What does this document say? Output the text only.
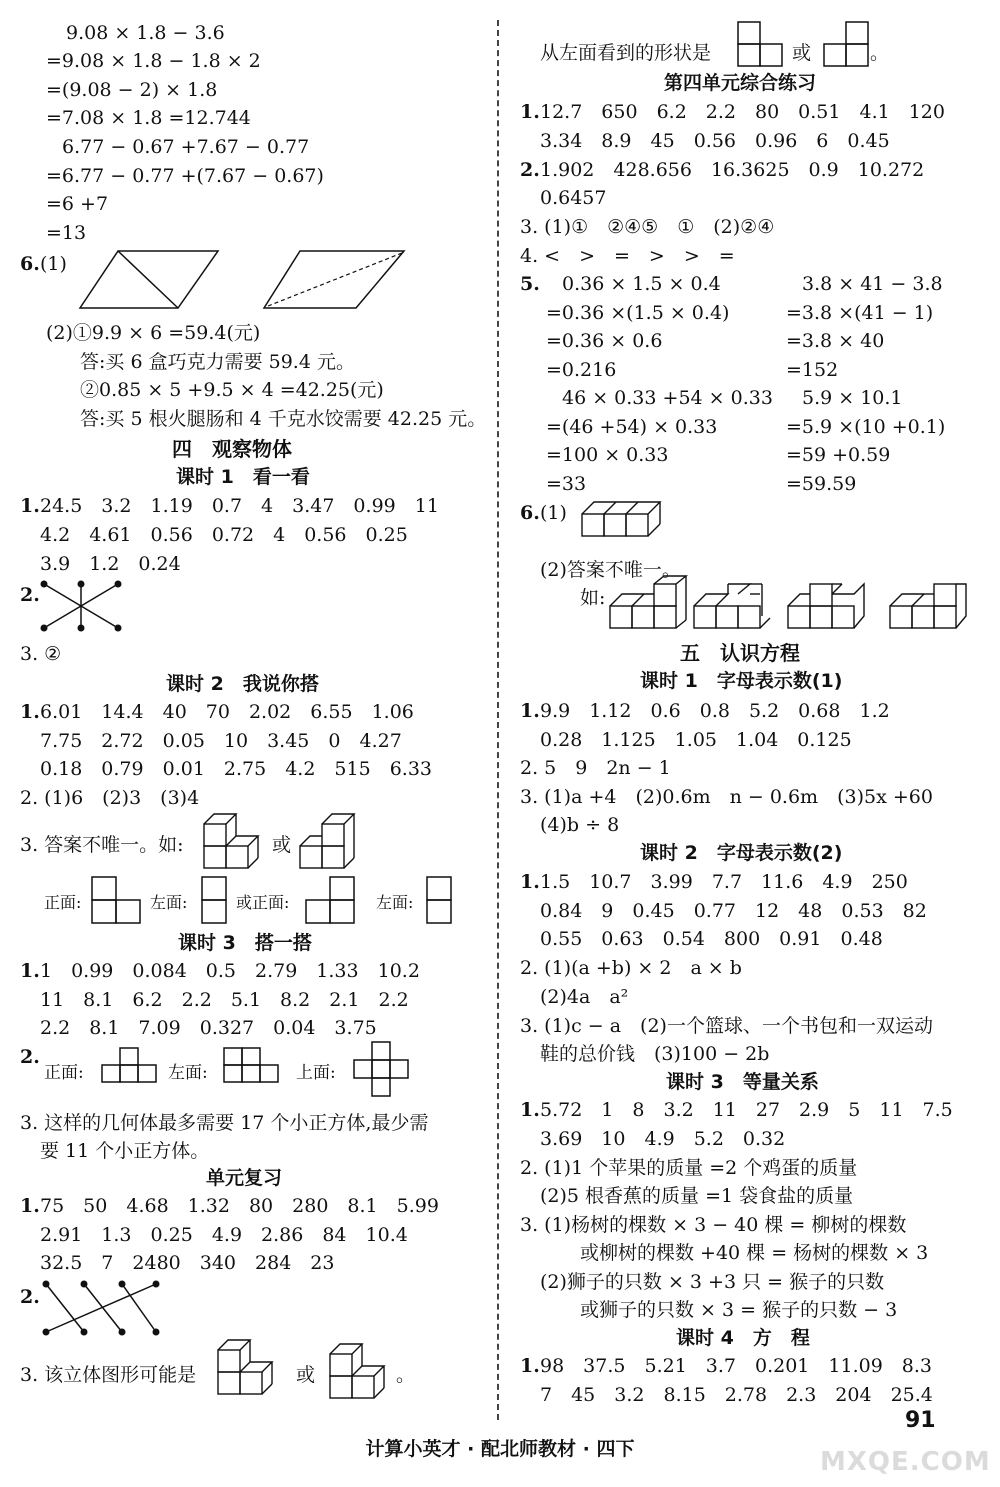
9.08 × 1.8 − 3.6
=9.08 × 1.8 − 1.8 × 2
=(9.08 − 2) × 1.8
=7.08 × 1.8 =12.744
6.77 − 0.67 +7.67 − 0.77
=6.77 − 0.77 +(7.67 − 0.67)
=6 +7
=13
6. (1)
(2)①9.9 × 6 =59.4(元)
答:买 6 盒巧克力需要 59.4 元。
②0.85 × 5 +9.5 × 4 =42.25(元)
答:买 5 根火腿肠和 4 千克水饺需要 42.25 元。
四　观察物体
课时 1　看一看
1. 24.5　3.2　1.19　0.7　4　3.47　0.99　11
4.2　4.61　0.56　0.72　4　0.56　0.25
3.9　1.2　0.24
2.
3. ②
课时 2　我说你搭
1. 6.01　14.4　40　70　2.02　6.55　1.06
7.75　2.72　0.05　10　3.45　0　4.27
0.18　0.79　0.01　2.75　4.2　515　6.33
2. (1)6　(2)3　(3)4
3. 答案不唯一。如:	或
正面:	左面:	或正面:	左面:
课时 3　搭一搭
1. 1　0.99　0.084　0.5　2.79　1.33　10.2
11　8.1　6.2　2.2　5.1　8.2　2.1　2.2
2.2　8.1　7.09　0.327　0.04　3.75
2.
正面:	左面:	上面:
3. 这样的几何体最多需要 17 个小正方体,最少需
要 11 个小正方体。
单元复习
1. 75　50　4.68　1.32　80　280　8.1　5.99
2.91　1.3　0.25　4.9　2.86　84　10.4
32.5　7　2480　340　284　23
2.
3. 该立体图形可能是	或	。
从左面看到的形状是	或	。
第四单元综合练习
1. 12.7　650　6.2　2.2　80　0.51　4.1　120
3.34　8.9　45　0.56　0.96　6　0.45
2. 1.902　428.656　16.3625　0.9　10.272
0.6457
3. (1)①　②④⑤　①　(2)②④
4. <　>　=　>　>　=
5. 0.36 × 1.5 × 0.4
=0.36 ×(1.5 × 0.4)
=0.36 × 0.6
=0.216
46 × 0.33 +54 × 0.33
=(46 +54) × 0.33
=100 × 0.33
=33
3.8 × 41 − 3.8
=3.8 ×(41 − 1)
=3.8 × 40
=152
5.9 × 10.1
=5.9 ×(10 +0.1)
=59 +0.59
=59.59
6. (1)
(2)答案不唯一。
如:
五　认识方程
课时 1　字母表示数(1)
1. 9.9　1.12　0.6　0.8　5.2　0.68　1.2
0.28　1.125　1.05　1.04　0.125
2. 5　9　2n − 1
3. (1)a +4　(2)0.6m　n − 0.6m　(3)5x +60
(4)b ÷ 8
课时 2　字母表示数(2)
1. 1.5　10.7　3.99　7.7　11.6　4.9　250
0.84　9　0.45　0.77　12　48　0.53　82
0.55　0.63　0.54　800　0.91　0.48
2. (1)(a +b) × 2　a × b
(2)4a　a²
3. (1)c − a　(2)一个篮球、一个书包和一双运动
鞋的总价钱　(3)100 − 2b
课时 3　等量关系
1. 5.72　1　8　3.2　11　27　2.9　5　11　7.5
3.69　10　4.9　5.2　0.32
2. (1)1 个苹果的质量 =2 个鸡蛋的质量
(2)5 根香蕉的质量 =1 袋食盐的质量
3. (1)杨树的棵数 × 3 − 40 棵 = 柳树的棵数
或柳树的棵数 +40 棵 = 杨树的棵数 × 3
(2)狮子的只数 × 3 +3 只 = 猴子的只数
或狮子的只数 × 3 = 猴子的只数 − 3
课时 4　方　程
1. 98　37.5　5.21　3.7　0.201　11.09　8.3
7　45　3.2　8.15　2.78　2.3　204　25.4
91
计算小英才 · 配北师教材 · 四下	MXQE.COM
